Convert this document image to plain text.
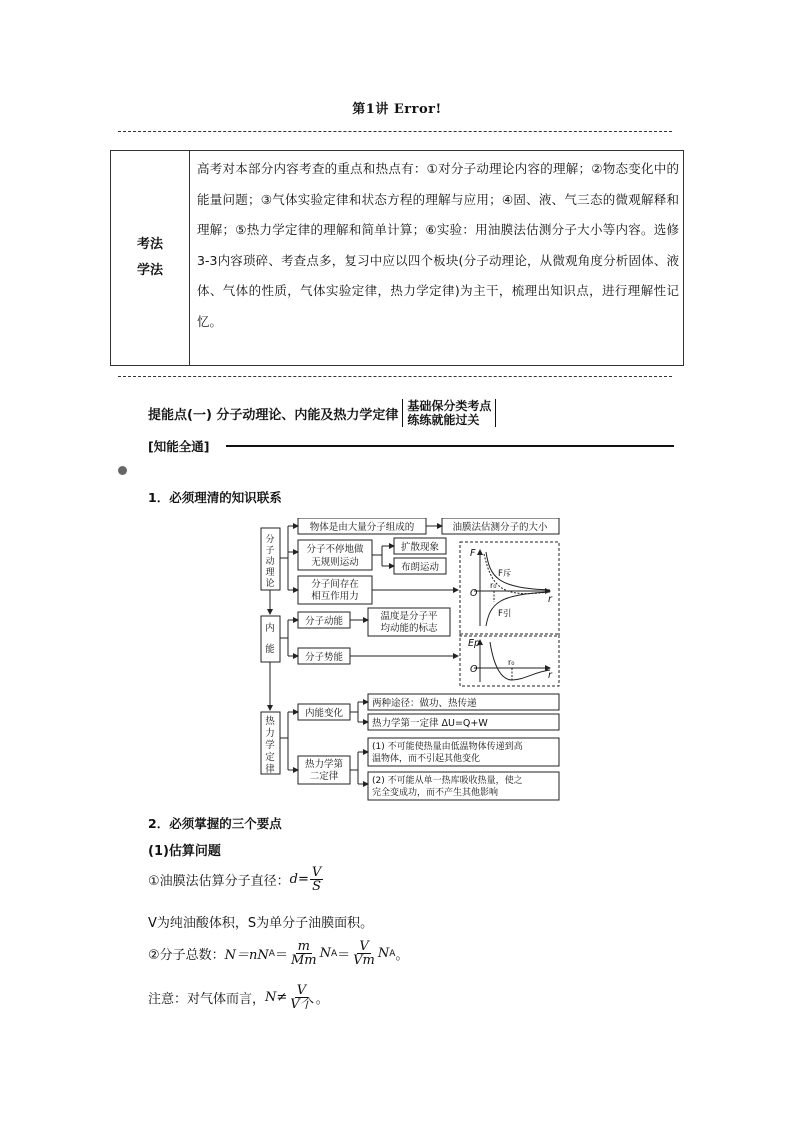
第1讲 Error!
考法
学法
高考对本部分内容考查的重点和热点有：①对分子动理论内容的理解；②物态变化中的能量问题；③气体实验定律和状态方程的理解与应用；④固、液、气三态的微观解释和理解；⑤热力学定律的理解和简单计算；⑥实验：用油膜法估测分子大小等内容。选修3-3内容琐碎、考查点多，复习中应以四个板块(分子动理论，从微观角度分析固体、液体、气体的性质，气体实验定律，热力学定律)为主干，梳理出知识点，进行理解性记忆。
提能点(一) 分子动理论、内能及热力学定律
基础保分类考点
练练就能过关
[知能全通]
1．必须理清的知识联系
分
子
动
理
论
内
能
热
力
学
定
律
物体是由大量分子组成的	油膜法估测分子的大小
分子不停地做
无规则运动
扩散现象
布朗运动
分子间存在
相互作用力
分子动能	温度是分子平
均动能的标志
分子势能
内能变化
两种途径：做功、热传递
热力学第一定律 ΔU=Q+W
热力学第
二定律
(1) 不可能使热量由低温物体传递到高
温物体，而不引起其他变化
(2) 不可能从单一热库吸收热量，使之
完全变成功，而不产生其他影响
F
O
r
r₀
F斥
F引
Ep
O
r
r₀
2．必须掌握的三个要点
(1)估算问题
①油膜法估算分子直径： $d = \frac{V}{S}$
V为纯油酸体积，S为单分子油膜面积。
②分子总数： N＝nN $A = \frac{m}{Mm}$ N $A = \frac{V}{Vm}$ N A 。
注意：对气体而言， $N\ne \frac{V}{\text{V个}}$ 。
